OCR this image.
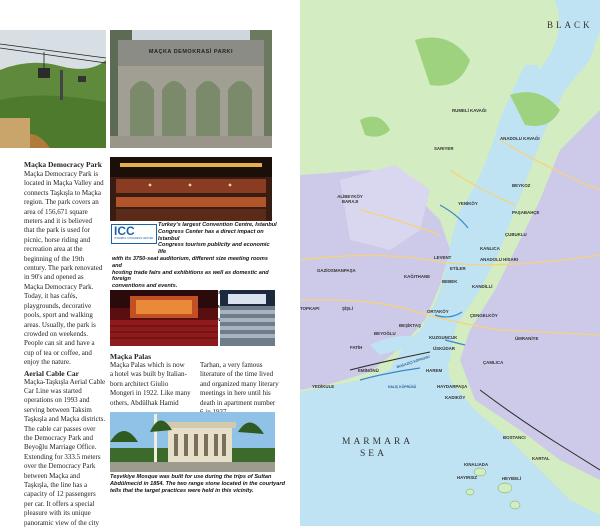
MAÇKA DEMOKRASİ PARKI
ICC
ISTANBUL CONGRESS CENTER
Turkey's largest Convention Centre, Istanbul
Congress Center has a direct impact on Istanbul
Congress tourism publicity and economic life
with its 3750-seat auditorium, different size meeting rooms and
hosting trade fairs and exhibitions as well as domestic and foreign
conventions and events.
Maçka Democracy Park
Maçka Democracy Park is
located in Maçka Valley and
connects Taşkışla to Maçka
region. The park covers an
area of 156,671 square
meters and it is believed
that the park is used for
picnic, horse riding and
recreation area at the
beginning of the 19th
century. The park renovated
in 90's and opened as
Maçka Democracy Park.
Today, it has cafés,
playgrounds, decorative
pools, sport and walking
areas. Usually, the park is
crowded on weekends.
People can sit and have a
cup of tea or coffee, and
enjoy the nature.
Aerial Cable Car
Maçka-Taşkışla Aerial Cable
Car Line was started
operations on 1993 and
serving between Taksim
Taşkışla and Maçka districts.
The cable car passes over
the Democracy Park and
Beyoğlu Marriage Office.
Extending for 333.5 meters
over the Democracy Park
between Maçka and
Taşkışla, the line has a
capacity of 12 passengers
per car. It offers a special
pleasure with its unique
panoramic view of the city
Maçka Palas
Maçka Palas which is now
a hotel was built by Italian-
born architect Giulio
Mongeri in 1922. Like many
others, Abdülhak Hamid
Tarhan, a very famous
literature of the time lived
and organized many literary
meetings in here until his
death in apartment number
Teşvikiye Mosque was built for use during the trips of Sultan
Abdülmecid in 1854. The two range stone located in the courtyard
tells that the target practices were held in this vicinity.
BLACK
MARMARA
SEA
RUMELİ KAVAĞI
ANADOLU KAVAĞI
SARIYER
BEYKOZ
ALİBEYKÖY BARAJI	YENİKÖY
PAŞABAHÇE
ÇUBUKLU
KANLICA
LEVENT	ANADOLU HİSARI
GAZİOSMANPAŞA
KAĞITHANE
ETİLER
BEBEK
KANDİLLİ
TOPKAPI	ŞİŞLİ
ORTAKÖY
BEŞİKTAŞ
ÇENGELKÖY
BEYOĞLU
FATİH
KUZGUNCUK	ÜMRANİYE
ÜSKÜDAR
ÇAMLICA
HAREM
YEDİKULE
EMİNÖNÜ
HAYDARPAŞA
KADIKÖY
BOSTANCI
KINALIADA
KARTAL
HEYBELİ
HAYIRSIZ
BOĞAZİÇİ KÖPRÜSÜ
HALİÇ KÖPRÜSÜ
